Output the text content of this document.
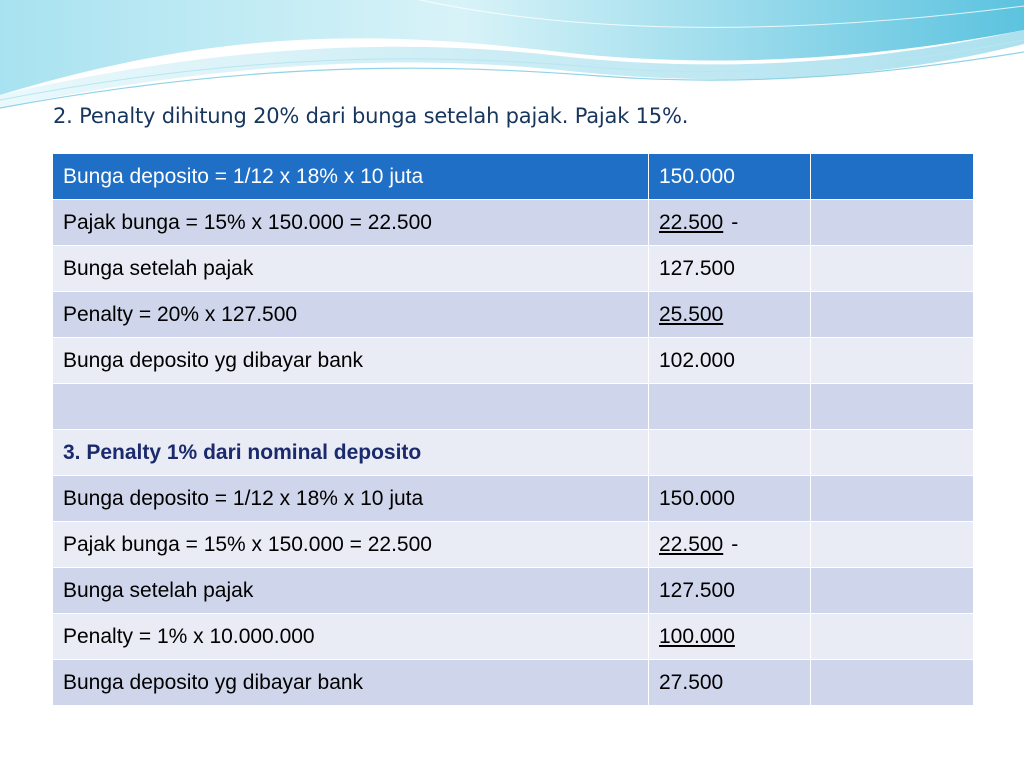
2. Penalty dihitung 20% dari bunga setelah pajak. Pajak 15%.
Bunga deposito = 1/12 x 18% x 10 juta	150.000	
Pajak bunga = 15% x 150.000 = 22.500	22.500 -	
Bunga setelah pajak	127.500	
Penalty = 20% x 127.500	25.500	
Bunga deposito yg dibayar bank	102.000	

3. Penalty 1% dari nominal deposito		
Bunga deposito = 1/12 x 18% x 10 juta	150.000	
Pajak bunga = 15% x 150.000 = 22.500	22.500 -	
Bunga setelah pajak	127.500	
Penalty = 1% x 10.000.000	100.000	
Bunga deposito yg dibayar bank	27.500	
